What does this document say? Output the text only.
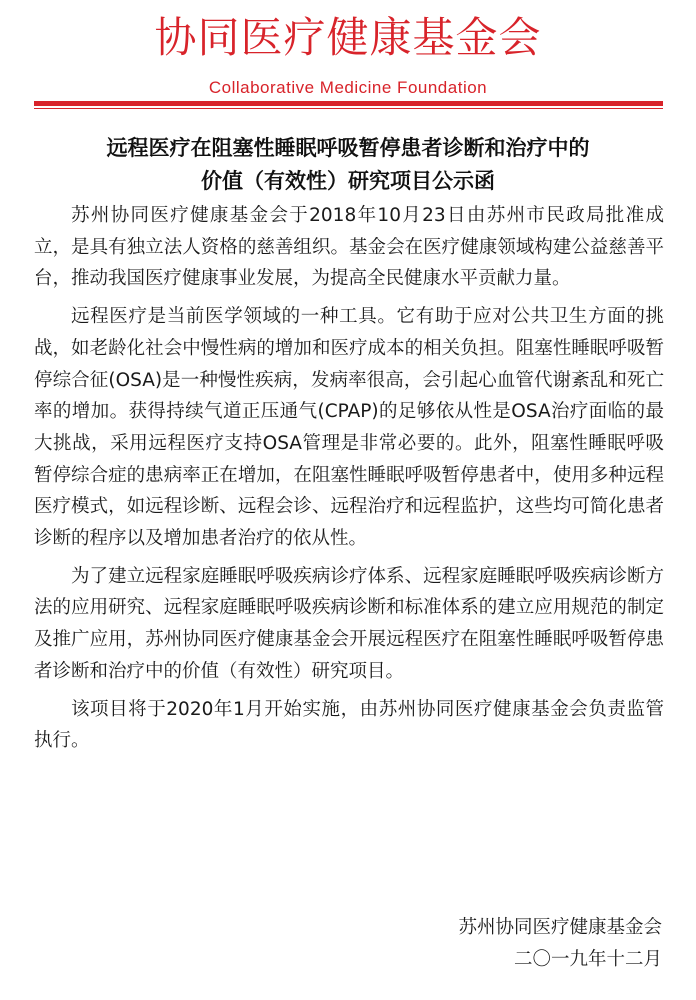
协同医疗健康基金会
Collaborative Medicine Foundation
远程医疗在阻塞性睡眠呼吸暂停患者诊断和治疗中的
价值（有效性）研究项目公示函

苏州协同医疗健康基金会于2018年10月23日由苏州市民政局批准成立，是具有独立法人资格的慈善组织。基金会在医疗健康领域构建公益慈善平台，推动我国医疗健康事业发展，为提高全民健康水平贡献力量。

远程医疗是当前医学领域的一种工具。它有助于应对公共卫生方面的挑战，如老龄化社会中慢性病的增加和医疗成本的相关负担。阻塞性睡眠呼吸暂停综合征(OSA)是一种慢性疾病，发病率很高，会引起心血管代谢紊乱和死亡率的增加。获得持续气道正压通气(CPAP)的足够依从性是OSA治疗面临的最大挑战，采用远程医疗支持OSA管理是非常必要的。此外，阻塞性睡眠呼吸暂停综合症的患病率正在增加，在阻塞性睡眠呼吸暂停患者中，使用多种远程医疗模式，如远程诊断、远程会诊、远程治疗和远程监护，这些均可简化患者诊断的程序以及增加患者治疗的依从性。

为了建立远程家庭睡眠呼吸疾病诊疗体系、远程家庭睡眠呼吸疾病诊断方法的应用研究、远程家庭睡眠呼吸疾病诊断和标准体系的建立应用规范的制定及推广应用，苏州协同医疗健康基金会开展远程医疗在阻塞性睡眠呼吸暂停患者诊断和治疗中的价值（有效性）研究项目。

该项目将于2020年1月开始实施，由苏州协同医疗健康基金会负责监管执行。

苏州协同医疗健康基金会
二〇一九年十二月
